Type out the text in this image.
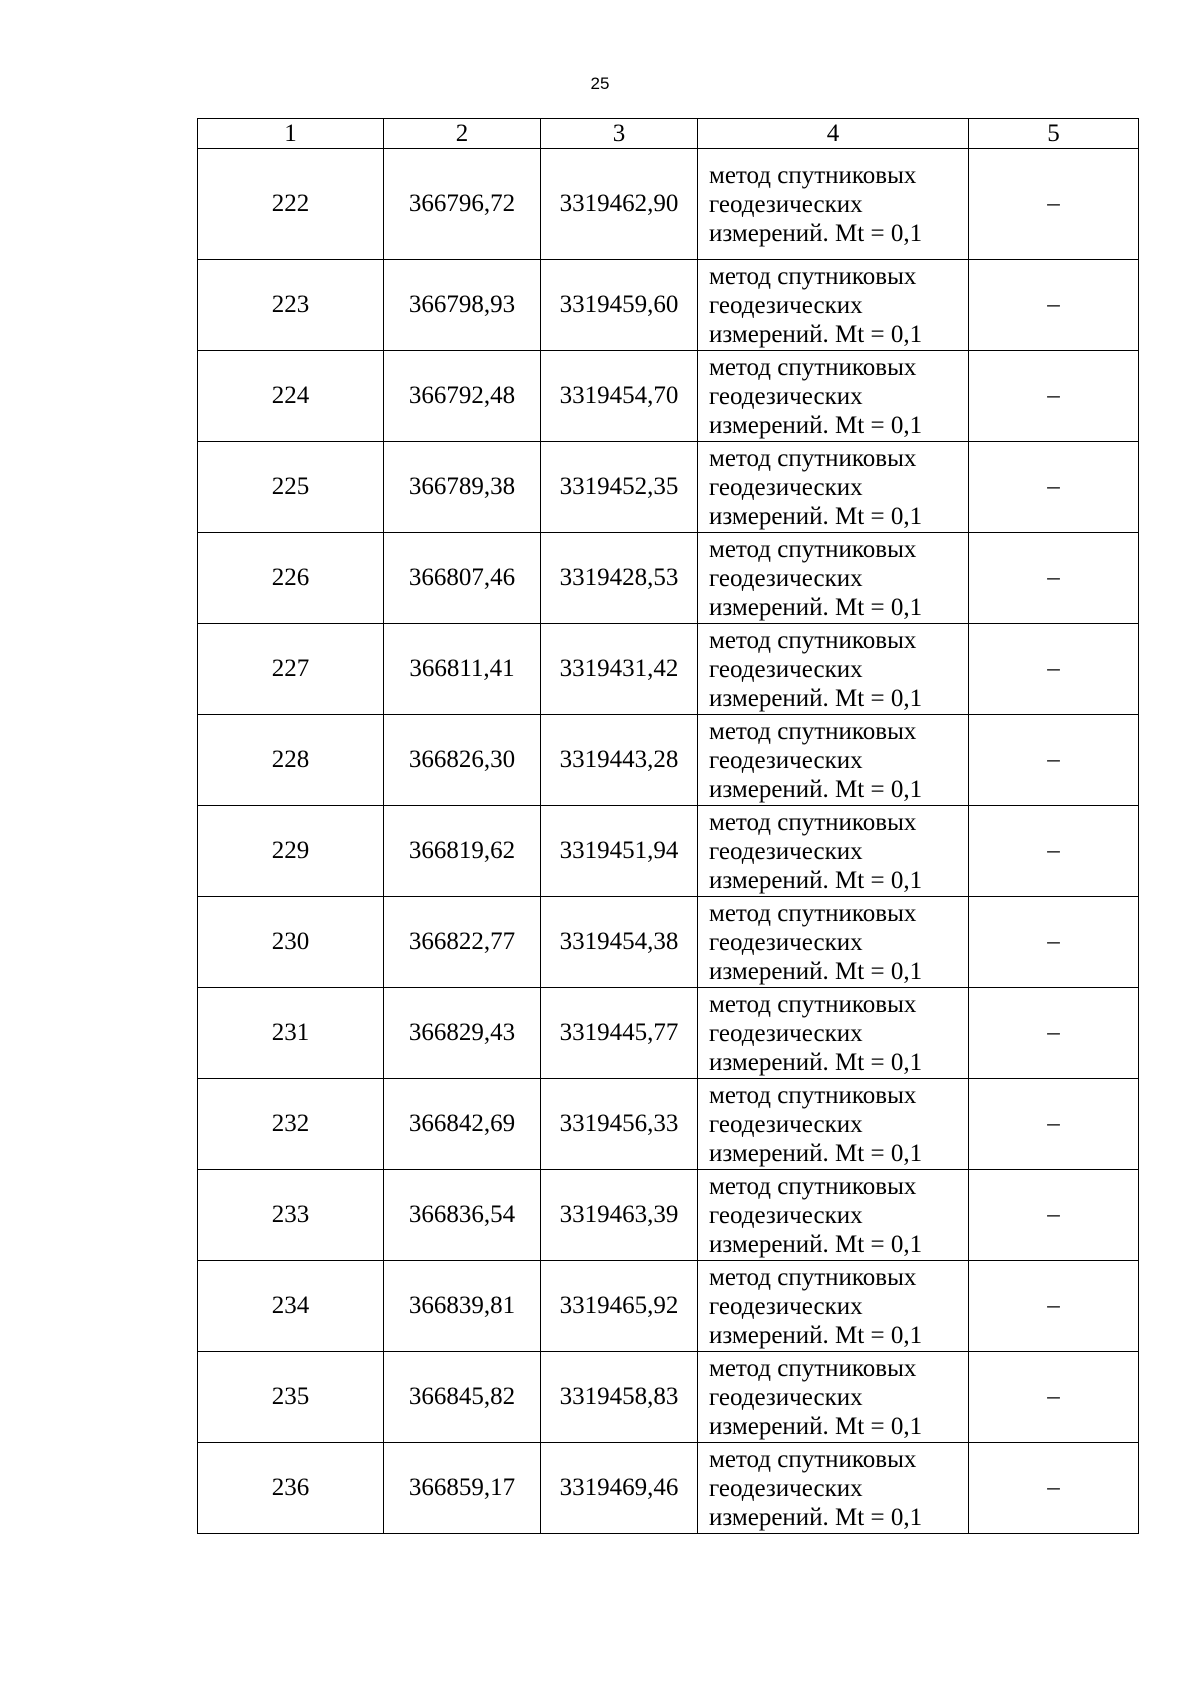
25
1	2	3	4	5
222	366796,72	3319462,90	метод спутниковых
геодезических
измерений. Mt = 0,1	–
223	366798,93	3319459,60	метод спутниковых
геодезических
измерений. Mt = 0,1	–
224	366792,48	3319454,70	метод спутниковых
геодезических
измерений. Mt = 0,1	–
225	366789,38	3319452,35	метод спутниковых
геодезических
измерений. Mt = 0,1	–
226	366807,46	3319428,53	метод спутниковых
геодезических
измерений. Mt = 0,1	–
227	366811,41	3319431,42	метод спутниковых
геодезических
измерений. Mt = 0,1	–
228	366826,30	3319443,28	метод спутниковых
геодезических
измерений. Mt = 0,1	–
229	366819,62	3319451,94	метод спутниковых
геодезических
измерений. Mt = 0,1	–
230	366822,77	3319454,38	метод спутниковых
геодезических
измерений. Mt = 0,1	–
231	366829,43	3319445,77	метод спутниковых
геодезических
измерений. Mt = 0,1	–
232	366842,69	3319456,33	метод спутниковых
геодезических
измерений. Mt = 0,1	–
233	366836,54	3319463,39	метод спутниковых
геодезических
измерений. Mt = 0,1	–
234	366839,81	3319465,92	метод спутниковых
геодезических
измерений. Mt = 0,1	–
235	366845,82	3319458,83	метод спутниковых
геодезических
измерений. Mt = 0,1	–
236	366859,17	3319469,46	метод спутниковых
геодезических
измерений. Mt = 0,1	–
